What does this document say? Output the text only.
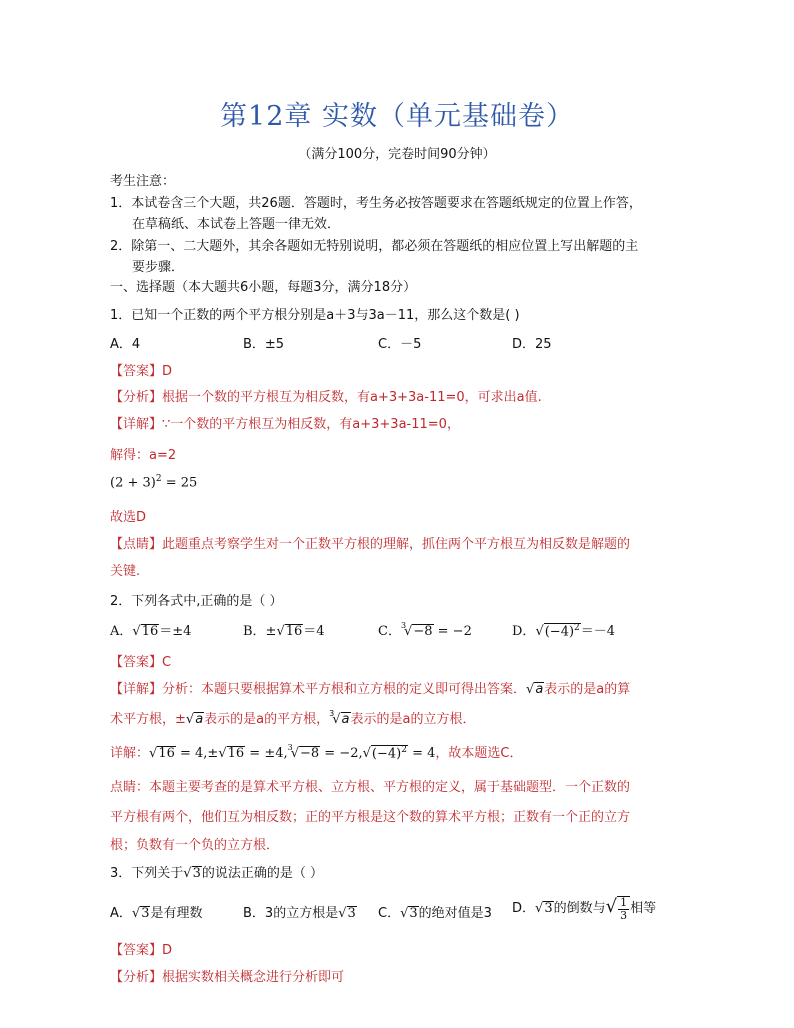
第12章 实数（单元基础卷）
（满分100分，完卷时间90分钟）
考生注意：
1．本试卷含三个大题，共26题．答题时，考生务必按答题要求在答题纸规定的位置上作答，
在草稿纸、本试卷上答题一律无效．
2．除第一、二大题外，其余各题如无特别说明，都必须在答题纸的相应位置上写出解题的主
要步骤．
一、选择题（本大题共6小题，每题3分，满分18分）
1．已知一个正数的两个平方根分别是a＋3与3a－11，那么这个数是( )
A．4	B．±5	C．－5	D．25
【答案】D
【分析】根据一个数的平方根互为相反数，有a+3+3a-11=0，可求出a值.
【详解】∵一个数的平方根互为相反数，有a+3+3a-11=0，
解得：a=2
$(2 + 3)^2 = 25$
故选D
【点睛】此题重点考察学生对一个正数平方根的理解，抓住两个平方根互为相反数是解题的
关键.
2．下列各式中,正确的是（ ）
A．√16＝±4	B．±√16＝4	C．$^3$√−8 = −2	D．$√(-4)^2=-4$
【答案】C
【详解】分析：本题只要根据算术平方根和立方根的定义即可得出答案．√a表示的是a的算
术平方根，±√a表示的是a的平方根，$^3$√a表示的是a的立方根．
详解：$√16 = 4,\pm√16 = \pm 4,^3√-8 = -2,√(-4)^2 = 4$，故本题选C．
点睛：本题主要考查的是算术平方根、立方根、平方根的定义，属于基础题型．一个正数的
平方根有两个，他们互为相反数；正的平方根是这个数的算术平方根；正数有一个正的立方
根；负数有一个负的立方根．
3．下列关于√3的说法正确的是（ ）
A．√3是有理数	B．3的立方根是√3 C．√3的绝对值是3 D．√3的倒数与√ $\frac{1}{3}$ 相等
【答案】D
【分析】根据实数相关概念进行分析即可
